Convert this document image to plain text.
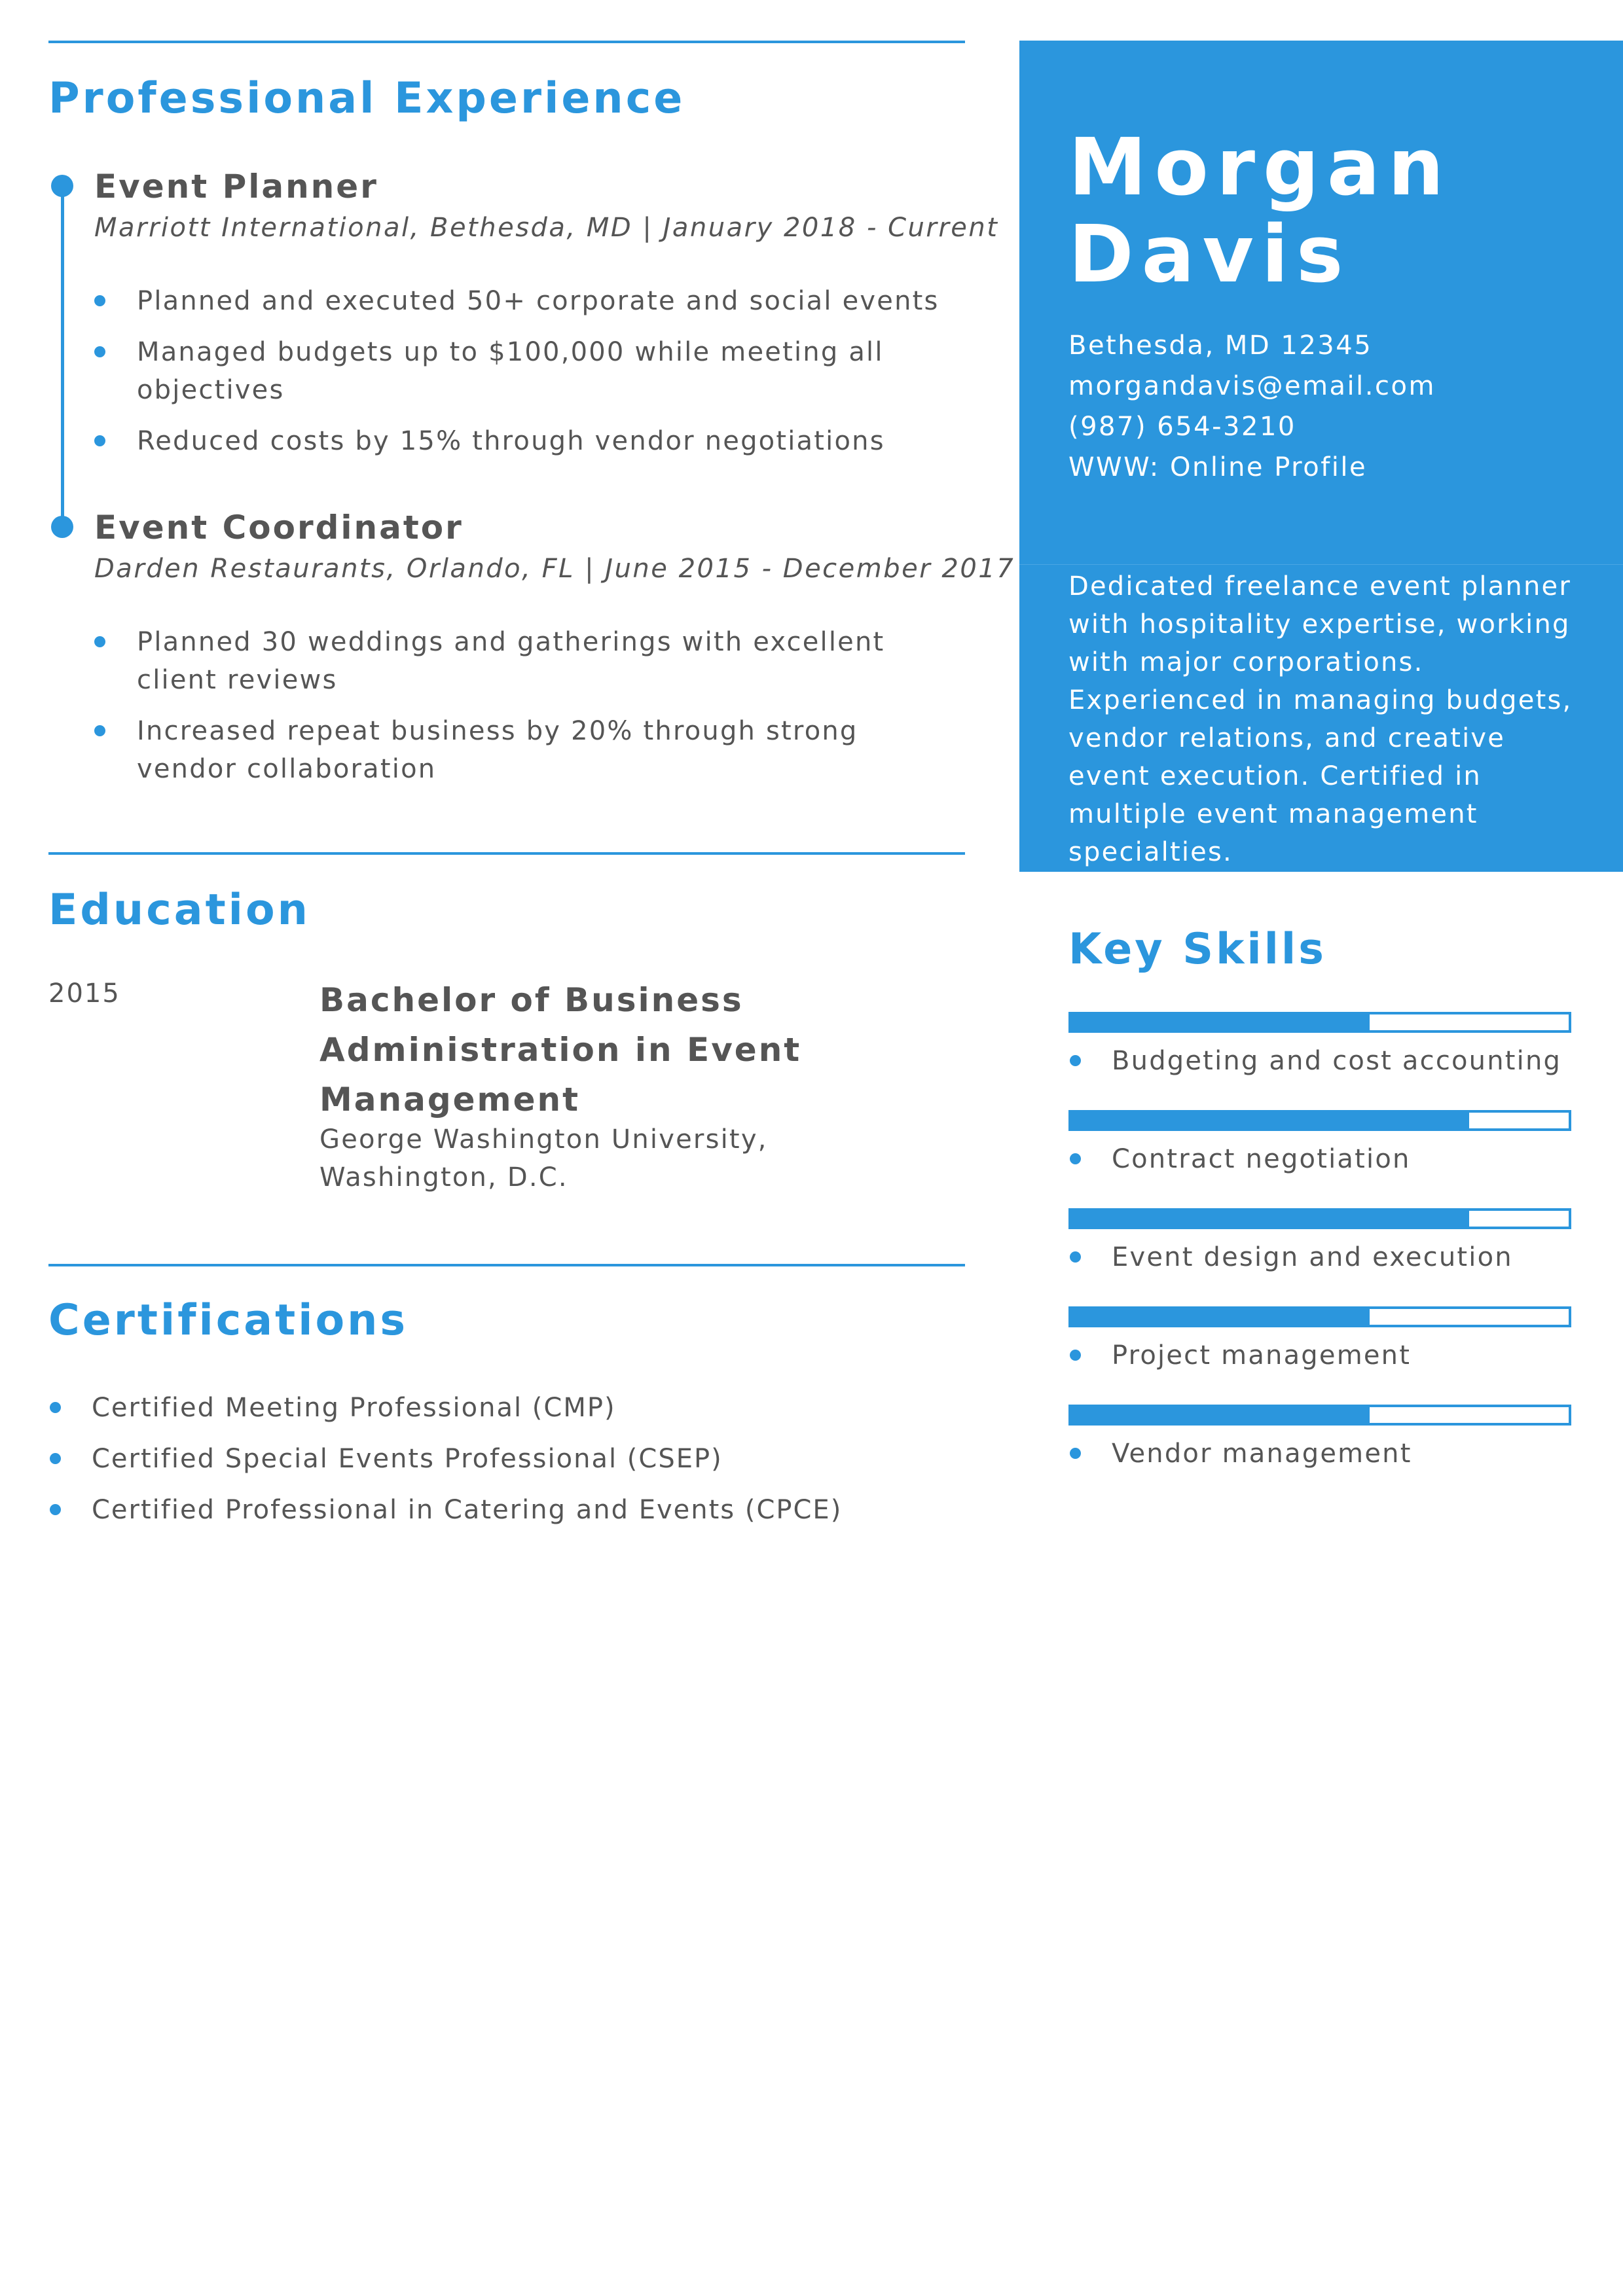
Professional Experience
Event Planner
Marriott International, Bethesda, MD | January 2018 - Current
Planned and executed 50+ corporate and social events
Managed budgets up to $100,000 while meeting all objectives
Reduced costs by 15% through vendor negotiations
Event Coordinator
Darden Restaurants, Orlando, FL | June 2015 - December 2017
Planned 30 weddings and gatherings with excellent client reviews
Increased repeat business by 20% through strong vendor collaboration
Education
2015	Bachelor of Business Administration in Event Management
George Washington University, Washington, D.C.
Certifications
Certified Meeting Professional (CMP)
Certified Special Events Professional (CSEP)
Certified Professional in Catering and Events (CPCE)
Morgan
Davis
Bethesda, MD 12345
morgandavis@email.com
(987) 654-3210
WWW: Online Profile
Dedicated freelance event planner with hospitality expertise, working with major corporations. Experienced in managing budgets, vendor relations, and creative event execution. Certified in multiple event management specialties.
Key Skills
Budgeting and cost accounting
Contract negotiation
Event design and execution
Project management
Vendor management
